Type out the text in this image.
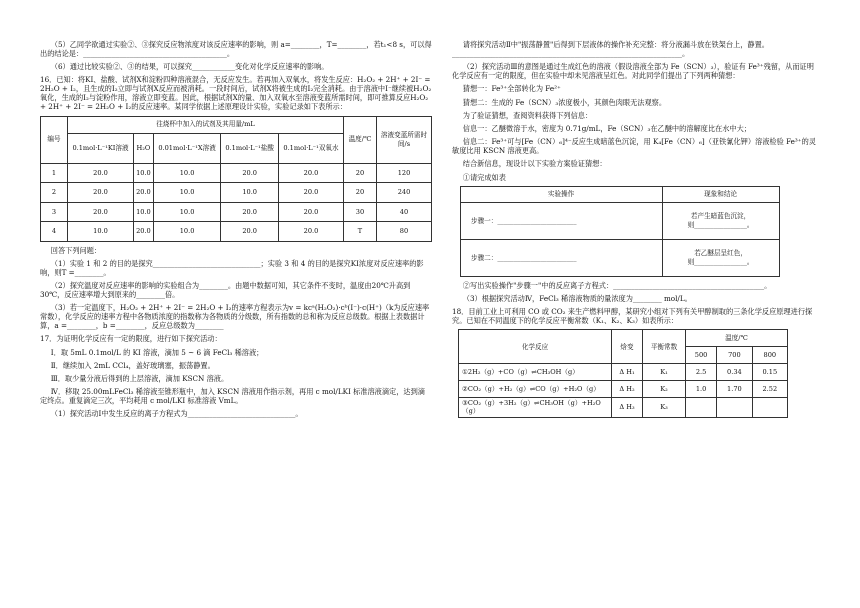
（5）乙同学欲通过实验②、③探究反应物浓度对该反应速率的影响，则 a=________，T=________，若t₁<8 s，可以得出的结论是：________________________________________。

（6）通过比较实验②、③的结果，可以探究____________变化对化学反应速率的影响。

16．已知：将KI、盐酸、试剂X和淀粉四种溶液混合，无反应发生。若再加入双氧水，将发生反应：H₂O₂ + 2H⁺ + 2I⁻ = 2H₂O + I₂，且生成的I₂立即与试剂X反应而被消耗。一段时间后，试剂X将被生成的I₂完全消耗。由于溶液中I⁻继续被H₂O₂氧化，生成的I₂与淀粉作用，溶液立即变蓝。因此，根据试剂X的量、加入双氧水至溶液变蓝所需时间，即可推算反应H₂O₂ + 2H⁺ + 2I⁻ = 2H₂O + I₂的反应速率。某同学依据上述原理设计实验，实验记录如下表所示：

编号	往烧杯中加入的试剂及其用量/mL					温度/℃	溶液变蓝所需时间/s
	0.1mol·L⁻¹KI溶液	H₂O	0.01mol·L⁻¹X溶液	0.1mol·L⁻¹盐酸	0.1mol·L⁻¹双氧水		
1	20.0	10.0	10.0	20.0	20.0	20	120
2	20.0	20.0	10.0	10.0	20.0	20	240
3	20.0	10.0	10.0	20.0	20.0	30	40
4	10.0	20.0	10.0	20.0	20.0	T	80

回答下列问题：

（1）实验 1 和 2 的目的是探究______________________________；实验 3 和 4 的目的是探究KI浓度对反应速率的影响，则T =________。

（2）探究温度对反应速率的影响的实验组合为________。由题中数据可知，其它条件不变时，温度由20℃升高到30℃，反应速率增大到原来的________倍。

（3）若一定温度下，H₂O₂ + 2H⁺ + 2I⁻ = 2H₂O + I₂的速率方程表示为v = kcᵃ(H₂O₂)·cᵇ(I⁻)·c(H⁺)（k为反应速率常数），化学反应的速率方程中各物质浓度的指数称为各物质的分级数，所有指数的总和称为反应总级数。根据上表数据计算，a =________，b =________，反应总级数为________

17．为证明化学反应有一定的限度，进行如下探究活动：

Ⅰ．取 5mL 0.1mol/L 的 KI 溶液，滴加 5 ~ 6 滴 FeCl₃ 稀溶液；

Ⅱ．继续加入 2mL CCl₄，盖好玻璃塞，振荡静置。

Ⅲ．取少量分液后得到的上层溶液，滴加 KSCN 溶液。

Ⅳ．移取 25.00mLFeCl₃ 稀溶液至锥形瓶中，加入 KSCN 溶液用作指示剂，再用 c mol/LKI 标准溶液滴定，达到滴定终点。重复滴定三次，平均耗用 c mol/LKI 标准溶液 VmL。

（1）探究活动Ⅰ中发生反应的离子方程式为______________________________。

请将探究活动Ⅱ中"振荡静置"后得到下层液体的操作补充完整：将分液漏斗放在铁架台上，静置。________________________________________________________________。

（2）探究活动Ⅲ的意图是通过生成红色的溶液（假设溶液全部为 Fe（SCN）₃），验证有 Fe³⁺残留，从而证明化学反应有一定的限度，但在实验中却未见溶液呈红色。对此同学们提出了下列两种猜想：

猜想一：Fe³⁺全部转化为 Fe²⁺

猜想二：生成的 Fe（SCN）₃浓度极小，其颜色肉眼无法观察。

为了验证猜想，查阅资料获得下列信息：

信息一：乙醚微溶于水，密度为 0.71g/mL，Fe（SCN）₃在乙醚中的溶解度比在水中大；

信息二：Fe³⁺可与[Fe（CN）₆]⁴⁻反应生成暗蓝色沉淀，用 K₄[Fe（CN）₆]（亚铁氰化钾）溶液检验 Fe³⁺的灵敏度比用 KSCN 溶液更高。

结合新信息，现设计以下实验方案验证猜想：

①请完成如表

实验操作	现象和结论
步骤一：________________________	若产生暗蓝色沉淀，
则________________。

步骤二：________________________	若乙醚层呈红色，
则________________。

②写出实验操作"步骤一"中的反应离子方程式：__________________________________________。

（3）根据探究活动Ⅳ，FeCl₃ 稀溶液物质的量浓度为________ mol/L。

18．目前工业上可利用 CO 或 CO₂ 来生产燃料甲醇，某研究小组对下列有关甲醇制取的三条化学反应原理进行探究。已知在不同温度下的化学反应平衡常数（K₁、K₂、K₃）如表所示：

化学反应	焓变	平衡常数	温度/℃		
			500	700	800
①2H₂（g）+CO（g）⇌CH₃OH（g）	Δ H₁	K₁	2.5	0.34	0.15
②CO₂（g）+H₂（g）⇌CO（g）+H₂O（g）	Δ H₂	K₂	1.0	1.70	2.52
③CO₂（g）+3H₂（g）⇌CH₃OH（g）+H₂O（g）	Δ H₃	K₃			
